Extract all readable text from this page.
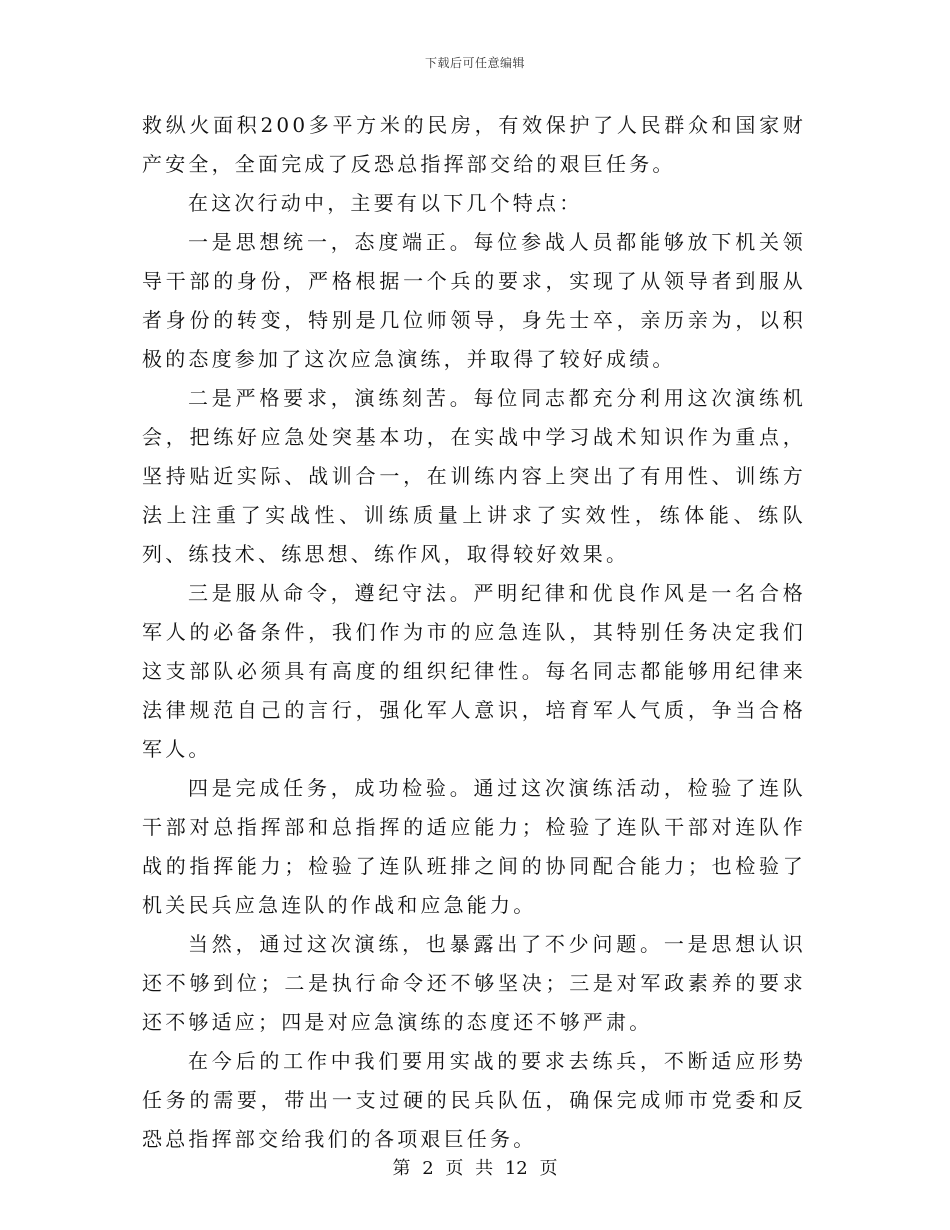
下载后可任意编辑

救纵火面积200多平方米的民房，有效保护了人民群众和国家财产安全，全面完成了反恐总指挥部交给的艰巨任务。

在这次行动中，主要有以下几个特点：

一是思想统一，态度端正。每位参战人员都能够放下机关领导干部的身份，严格根据一个兵的要求，实现了从领导者到服从者身份的转变，特别是几位师领导，身先士卒，亲历亲为，以积极的态度参加了这次应急演练，并取得了较好成绩。

二是严格要求，演练刻苦。每位同志都充分利用这次演练机会，把练好应急处突基本功，在实战中学习战术知识作为重点，坚持贴近实际、战训合一，在训练内容上突出了有用性、训练方法上注重了实战性、训练质量上讲求了实效性，练体能、练队列、练技术、练思想、练作风，取得较好效果。

三是服从命令，遵纪守法。严明纪律和优良作风是一名合格军人的必备条件，我们作为市的应急连队，其特别任务决定我们这支部队必须具有高度的组织纪律性。每名同志都能够用纪律来法律规范自己的言行，强化军人意识，培育军人气质，争当合格军人。

四是完成任务，成功检验。通过这次演练活动，检验了连队干部对总指挥部和总指挥的适应能力；检验了连队干部对连队作战的指挥能力；检验了连队班排之间的协同配合能力；也检验了机关民兵应急连队的作战和应急能力。

当然，通过这次演练，也暴露出了不少问题。一是思想认识还不够到位；二是执行命令还不够坚决；三是对军政素养的要求还不够适应；四是对应急演练的态度还不够严肃。

在今后的工作中我们要用实战的要求去练兵，不断适应形势任务的需要，带出一支过硬的民兵队伍，确保完成师市党委和反恐总指挥部交给我们的各项艰巨任务。

第 2 页 共 12 页
